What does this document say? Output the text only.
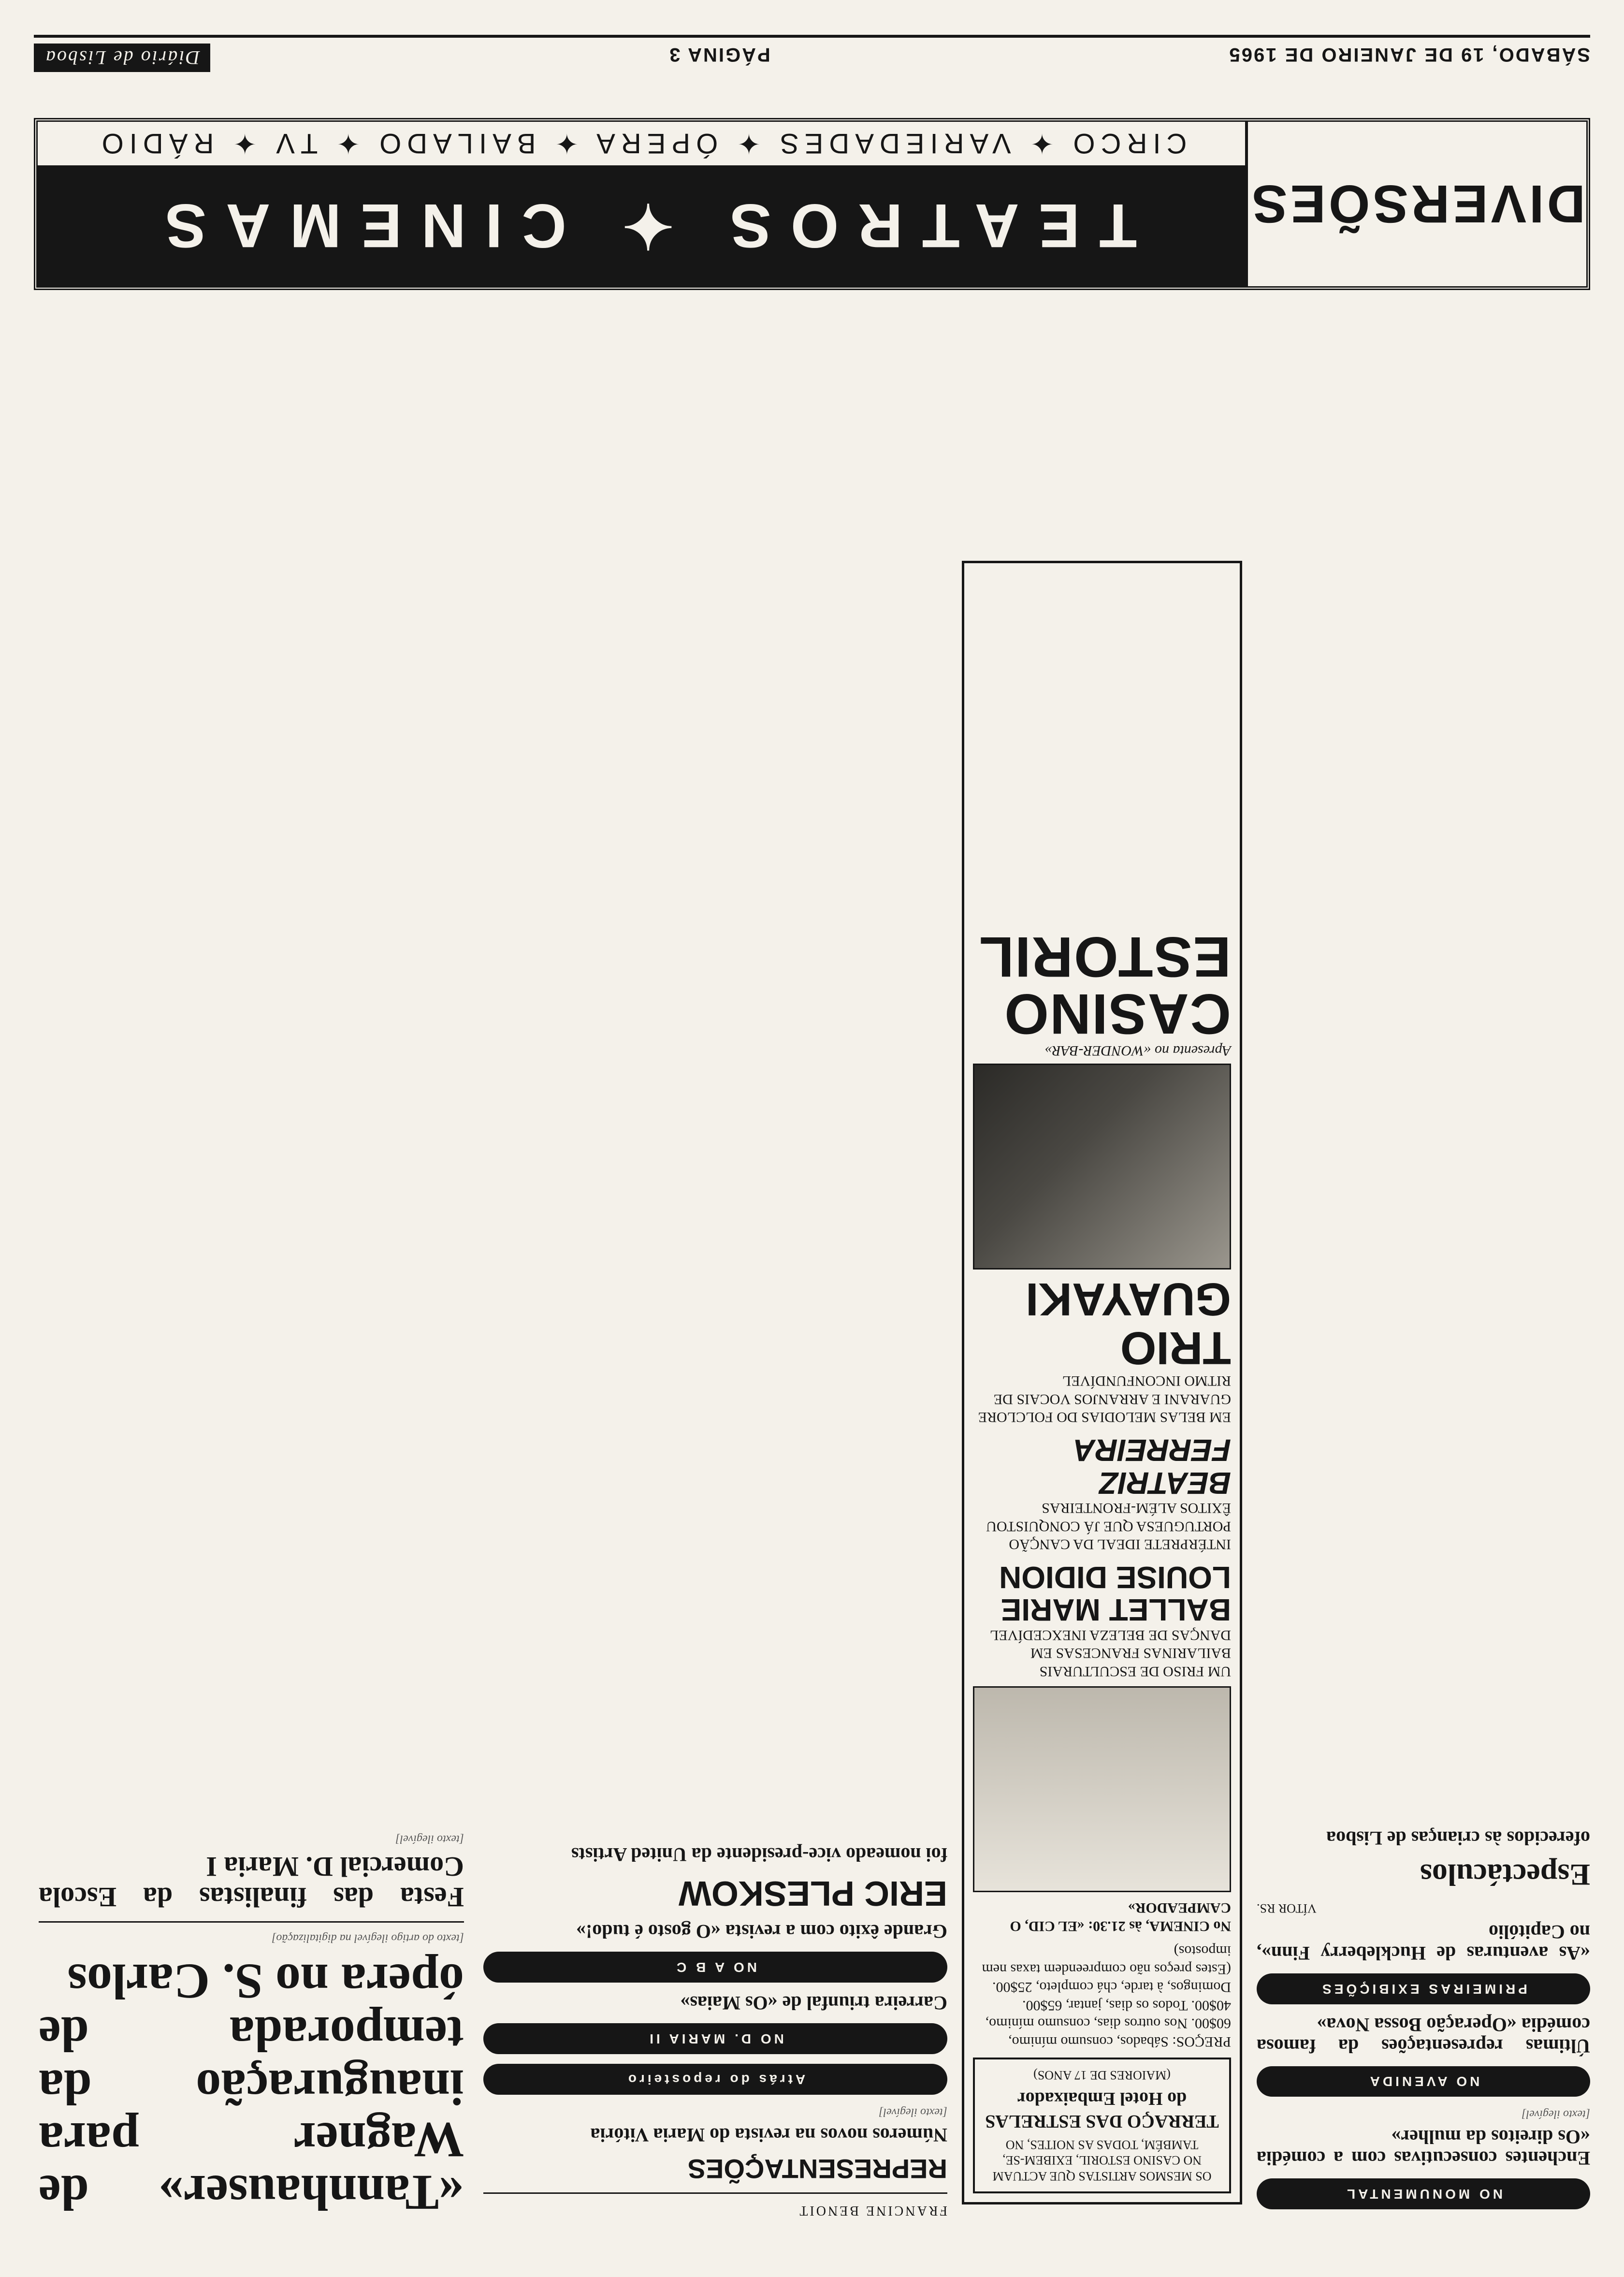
SÁBADO, 19 DE JANEIRO DE 1965
PÁGINA 3
Diário de Lisboa
DIVERSÕES
TEATROS ✦ CINEMAS
CIRCO ✦ VARIEDADES ✦ ÓPERA ✦ BAILADO ✦ TV ✦ RÁDIO
«Tannhauser» de Wagner para inauguração da temporada de ópera no S. Carlos
[texto do artigo ilegível na digitalização]
Festa das finalistas da Escola Comercial D. Maria I
[texto ilegível]
FRANCINE BENOIT
REPRESENTAÇÕES
Números novos na revista do Maria Vitória
[texto ilegível]
Atrás do reposteiro
NO D. MARIA II
Carreira triunfal de «Os Maias»
NO A B C
Grande êxito com a revista «O gosto é tudo!»
ERIC PLESKOW
foi nomeado vice-presidente da United Artists
OS MESMOS ARTISTAS QUE ACTUAM NO CASINO ESTORIL, EXIBEM-SE, TAMBÉM, TODAS AS NOITES, NO
TERRAÇO DAS ESTRELAS do Hotel Embaixador
(MAIORES DE 17 ANOS)
PREÇOS: Sábados, consumo mínimo, 60$00. Nos outros dias, consumo mínimo, 40$00. Todos os dias, jantar, 65$00. Domingos, à tarde, chá completo, 25$00. (Estes preços não compreendem taxas nem impostos)
No CINEMA, às 21.30: «EL CID, O CAMPEADOR»
UM FRISO DE ESCULTURAIS BAILARINAS FRANCESAS EM DANÇAS DE BELEZA INEXCEDÍVEL
BALLET MARIE LOUISE DIDION
INTÉRPRETE IDEAL DA CANÇÃO PORTUGUESA QUE JÁ CONQUISTOU ÊXITOS ALÉM-FRONTEIRAS
BEATRIZ FERREIRA
EM BELAS MELODIAS DO FOLCLORE GUARANI E ARRANJOS VOCAIS DE RITMO INCONFUNDÍVEL
TRIO GUAYAKI
Apresenta no «WONDER-BAR»
CASINO ESTORIL
NO MONUMENTAL
Enchentes consecutivas com a comédia «Os direitos da mulher»
[texto ilegível]
NO AVENIDA
Últimas representações da famosa comédia «Operação Bossa Nova»
PRIMEIRAS EXIBIÇÕES
«As aventuras de Huckleberry Finn», no Capitólio
VÍTOR RS.
Espectáculos
oferecidos às crianças de Lisboa
